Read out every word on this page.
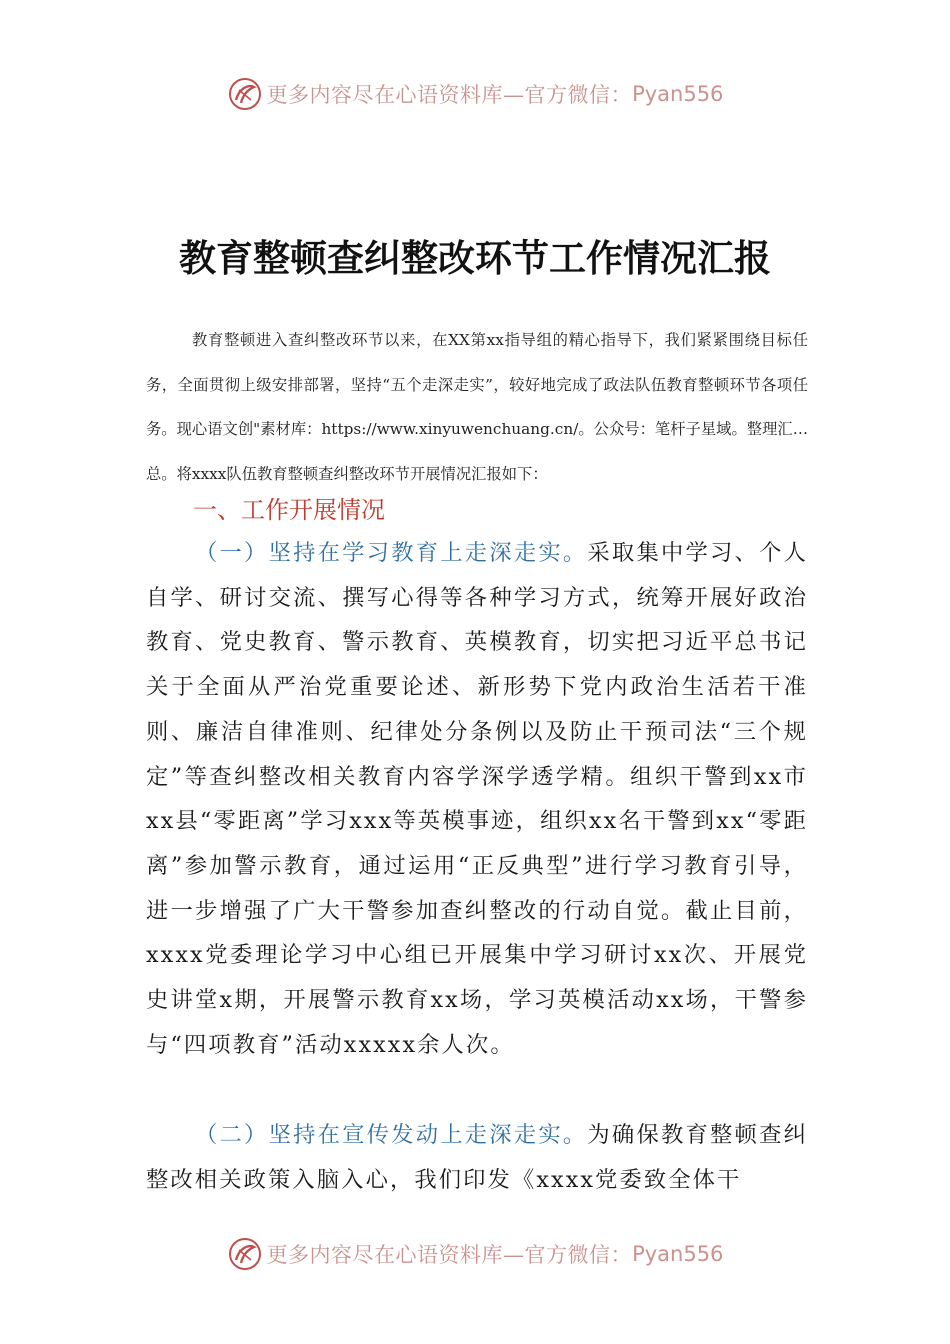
更多内容尽在心语资料库—官方微信： Pyan556
教育整顿查纠整改环节工作情况汇报

教育整顿进入查纠整改环节以来，在XX第xx指导组的精心指导下，我们紧紧围绕目标任务，全面贯彻上级安排部署，坚持“五个走深走实”，较好地完成了政法队伍教育整顿环节各项任务。现心语文创"素材库：https://www.xinyuwenchuang.cn/。公众号：笔杆子星域。整理汇…总。将xxxx队伍教育整顿查纠整改环节开展情况汇报如下：

一、工作开展情况

（一）坚持在学习教育上走深走实。采取集中学习、个人自学、研讨交流、撰写心得等各种学习方式，统筹开展好政治教育、党史教育、警示教育、英模教育，切实把习近平总书记关于全面从严治党重要论述、新形势下党内政治生活若干准则、廉洁自律准则、纪律处分条例以及防止干预司法“三个规定”等查纠整改相关教育内容学深学透学精。组织干警到xx市xx县“零距离”学习xxx等英模事迹，组织xx名干警到xx“零距离”参加警示教育，通过运用“正反典型”进行学习教育引导，进一步增强了广大干警参加查纠整改的行动自觉。截止目前，xxxx党委理论学习中心组已开展集中学习研讨xx次、开展党史讲堂x期，开展警示教育xx场，学习英模活动xx场，干警参与“四项教育”活动xxxxx余人次。

（二）坚持在宣传发动上走深走实。为确保教育整顿查纠整改相关政策入脑入心，我们印发《xxxx党委致全体干

更多内容尽在心语资料库—官方微信： Pyan556
